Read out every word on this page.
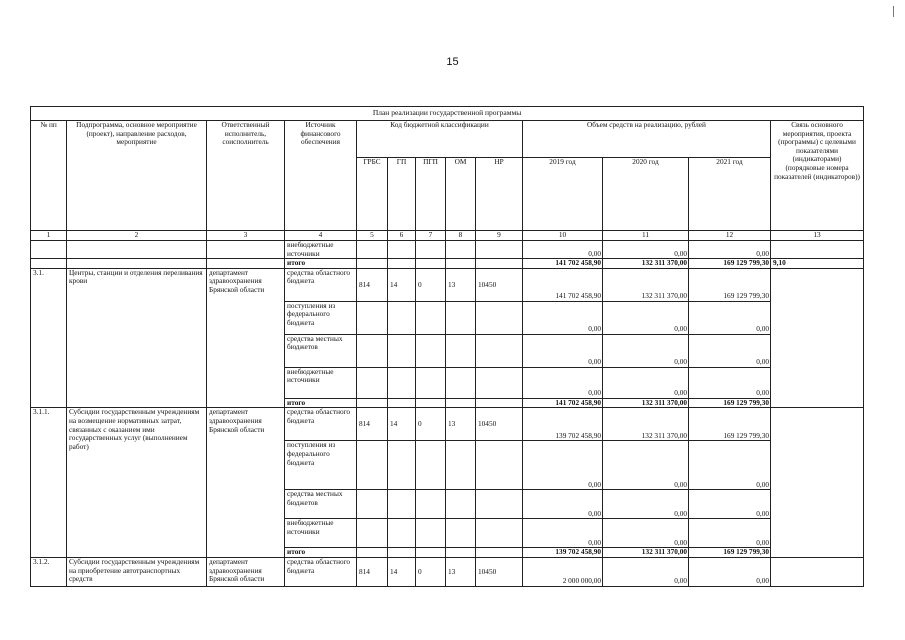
15
План реализации государственной программы												
№ пп	Подпрограмма, основное мероприятие (проект), направление расходов, мероприятие	Ответственный исполнитель, соисполнитель	Источник финансового обеспечения	Код бюджетной классификации					Объем средств на реализацию, рублей			Связь основного мероприятия, проекта (программы) с целевыми показателями (индикаторами) (порядковые номера показателей (индикаторов))
				ГРБС	ГП	ПГП	ОМ	НР	2019 год	2020 год	2021 год	
1	2	3	4	5	6	7	8	9	10	11	12	13
			внебюджетные источники						0,00	0,00	0,00	
			итого						141 702 458,90	132 311 370,00	169 129 799,30	9,10
3.1.	Центры, станции и отделения переливания крови	департамент здравоохранения Брянской области	средства областного бюджета	814	14	0	13	10450	141 702 458,90	132 311 370,00	169 129 799,30	
			поступления из федерального бюджета						0,00	0,00	0,00	
			средства местных бюджетов						0,00	0,00	0,00	
			внебюджетные источники						0,00	0,00	0,00	
			итого						141 702 458,90	132 311 370,00	169 129 799,30	
3.1.1.	Субсидии государственным учреждениям на возмещение нормативных затрат, связанных с оказанием ими государственных услуг (выполнением работ)	департамент здравоохранения Брянской области	средства областного бюджета	814	14	0	13	10450	139 702 458,90	132 311 370,00	169 129 799,30	
			поступления из федерального бюджета						0,00	0,00	0,00	
			средства местных бюджетов						0,00	0,00	0,00	
			внебюджетные источники						0,00	0,00	0,00	
			итого						139 702 458,90	132 311 370,00	169 129 799,30	
3.1.2.	Субсидии государственным учреждениям на приобретение автотранспортных средств	департамент здравоохранения Брянской области	средства областного бюджета	814	14	0	13	10450	2 000 000,00	0,00	0,00	
